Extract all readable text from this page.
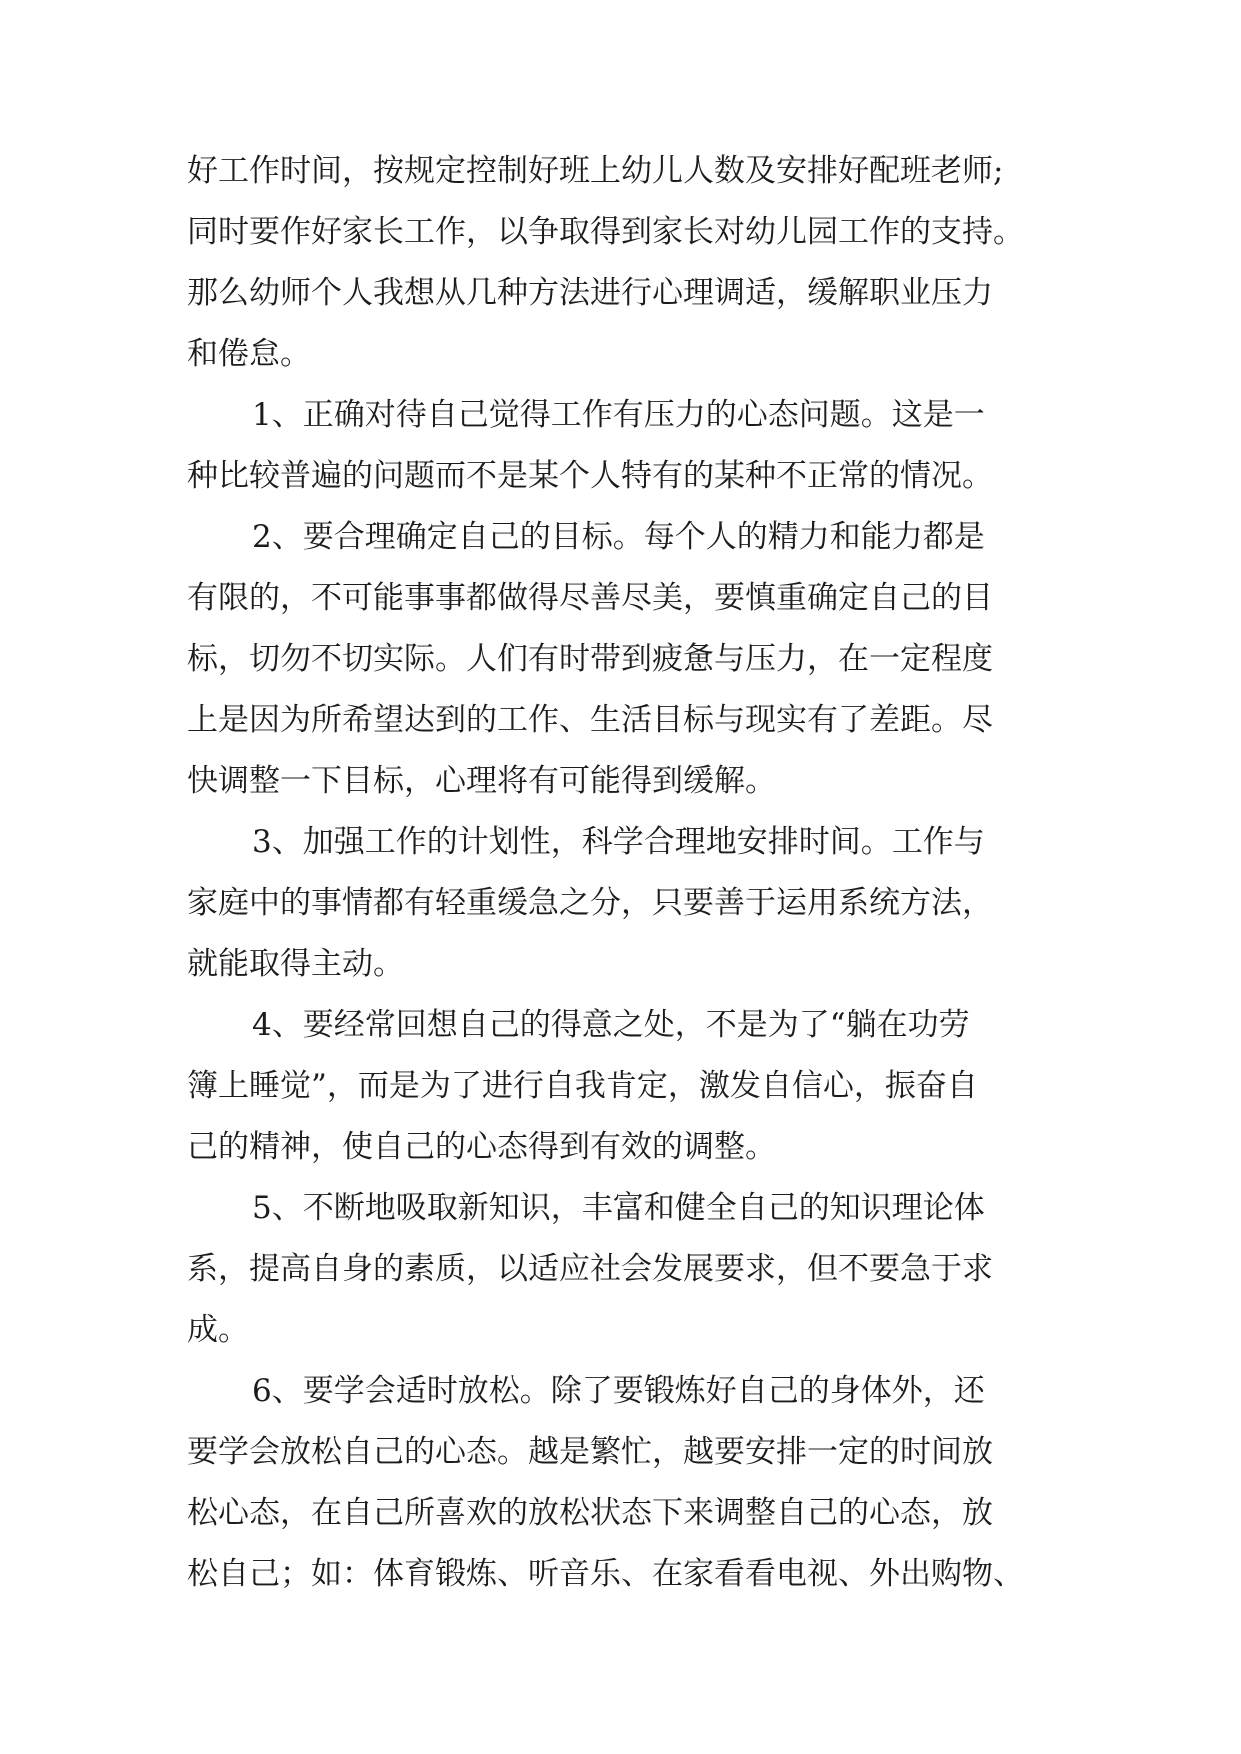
好工作时间，按规定控制好班上幼儿人数及安排好配班老师;
同时要作好家长工作，以争取得到家长对幼儿园工作的支持。
那么幼师个人我想从几种方法进行心理调适，缓解职业压力
和倦怠。
1、正确对待自己觉得工作有压力的心态问题。这是一
种比较普遍的问题而不是某个人特有的某种不正常的情况。
2、要合理确定自己的目标。每个人的精力和能力都是
有限的，不可能事事都做得尽善尽美，要慎重确定自己的目
标，切勿不切实际。人们有时带到疲惫与压力，在一定程度
上是因为所希望达到的工作、生活目标与现实有了差距。尽
快调整一下目标，心理将有可能得到缓解。
3、加强工作的计划性，科学合理地安排时间。工作与
家庭中的事情都有轻重缓急之分，只要善于运用系统方法，
就能取得主动。
4、要经常回想自己的得意之处，不是为了“躺在功劳
簿上睡觉”，而是为了进行自我肯定，激发自信心，振奋自
己的精神，使自己的心态得到有效的调整。
5、不断地吸取新知识，丰富和健全自己的知识理论体
系，提高自身的素质，以适应社会发展要求，但不要急于求
成。
6、要学会适时放松。除了要锻炼好自己的身体外，还
要学会放松自己的心态。越是繁忙，越要安排一定的时间放
松心态，在自己所喜欢的放松状态下来调整自己的心态，放
松自己；如：体育锻炼、听音乐、在家看看电视、外出购物、
